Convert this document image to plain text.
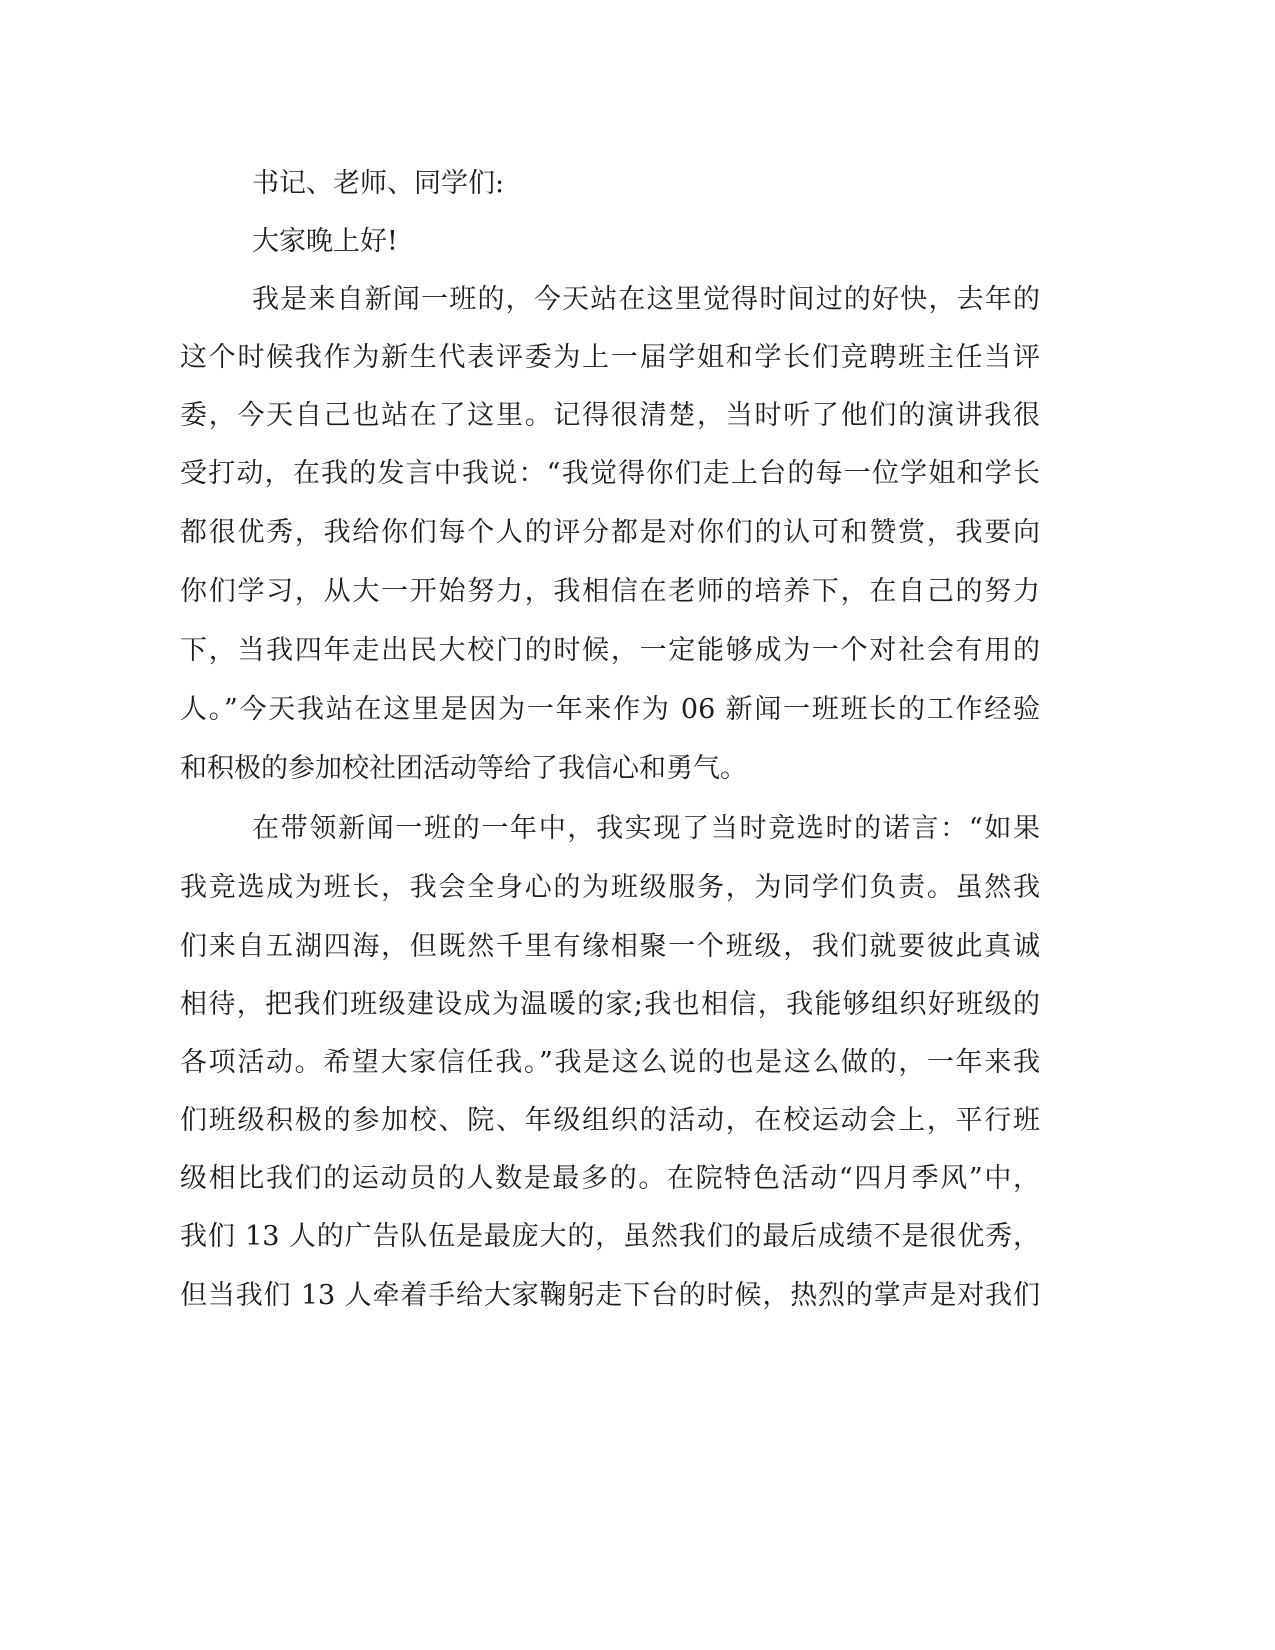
书记、老师、同学们:
大家晚上好!
我是来自新闻一班的，今天站在这里觉得时间过的好快，去年的
这个时候我作为新生代表评委为上一届学姐和学长们竞聘班主任当评
委，今天自己也站在了这里。记得很清楚，当时听了他们的演讲我很
受打动，在我的发言中我说：“我觉得你们走上台的每一位学姐和学长
都很优秀，我给你们每个人的评分都是对你们的认可和赞赏，我要向
你们学习，从大一开始努力，我相信在老师的培养下，在自己的努力
下，当我四年走出民大校门的时候，一定能够成为一个对社会有用的
人。”今天我站在这里是因为一年来作为 06 新闻一班班长的工作经验
和积极的参加校社团活动等给了我信心和勇气。
在带领新闻一班的一年中，我实现了当时竞选时的诺言：“如果
我竞选成为班长，我会全身心的为班级服务，为同学们负责。虽然我
们来自五湖四海，但既然千里有缘相聚一个班级，我们就要彼此真诚
相待，把我们班级建设成为温暖的家;我也相信，我能够组织好班级的
各项活动。希望大家信任我。”我是这么说的也是这么做的，一年来我
们班级积极的参加校、院、年级组织的活动，在校运动会上，平行班
级相比我们的运动员的人数是最多的。在院特色活动“四月季风”中，
我们 13 人的广告队伍是最庞大的，虽然我们的最后成绩不是很优秀，
但当我们 13 人牵着手给大家鞠躬走下台的时候，热烈的掌声是对我们
